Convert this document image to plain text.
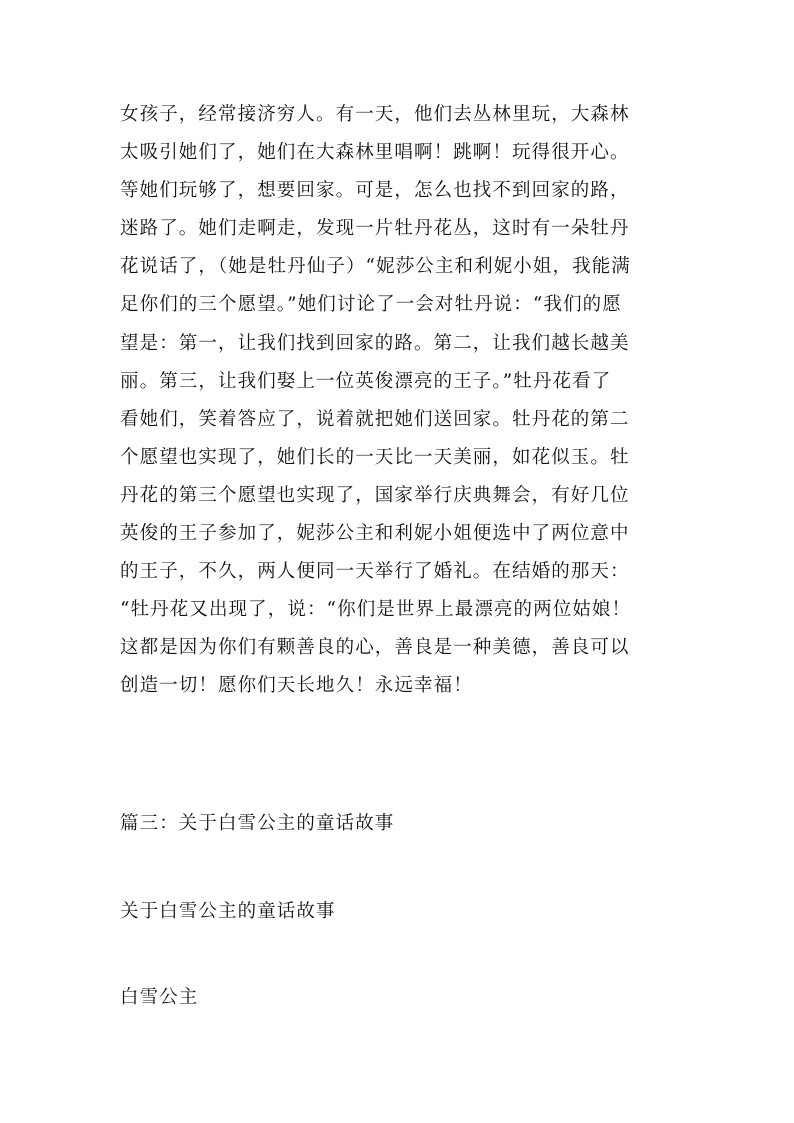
女孩子，经常接济穷人。有一天，他们去丛林里玩，大森林

太吸引她们了，她们在大森林里唱啊！跳啊！玩得很开心。

等她们玩够了，想要回家。可是，怎么也找不到回家的路，

迷路了。她们走啊走，发现一片牡丹花丛，这时有一朵牡丹

花说话了，（她是牡丹仙子）“妮莎公主和利妮小姐，我能满

足你们的三个愿望。”她们讨论了一会对牡丹说：“我们的愿

望是：第一，让我们找到回家的路。第二，让我们越长越美

丽。第三，让我们娶上一位英俊漂亮的王子。”牡丹花看了

看她们，笑着答应了，说着就把她们送回家。牡丹花的第二

个愿望也实现了，她们长的一天比一天美丽，如花似玉。牡

丹花的第三个愿望也实现了，国家举行庆典舞会，有好几位

英俊的王子参加了，妮莎公主和利妮小姐便选中了两位意中

的王子，不久，两人便同一天举行了婚礼。在结婚的那天：

“牡丹花又出现了，说：“你们是世界上最漂亮的两位姑娘！

这都是因为你们有颗善良的心，善良是一种美德，善良可以

创造一切！愿你们天长地久！永远幸福！

篇三：关于白雪公主的童话故事
关于白雪公主的童话故事
白雪公主
